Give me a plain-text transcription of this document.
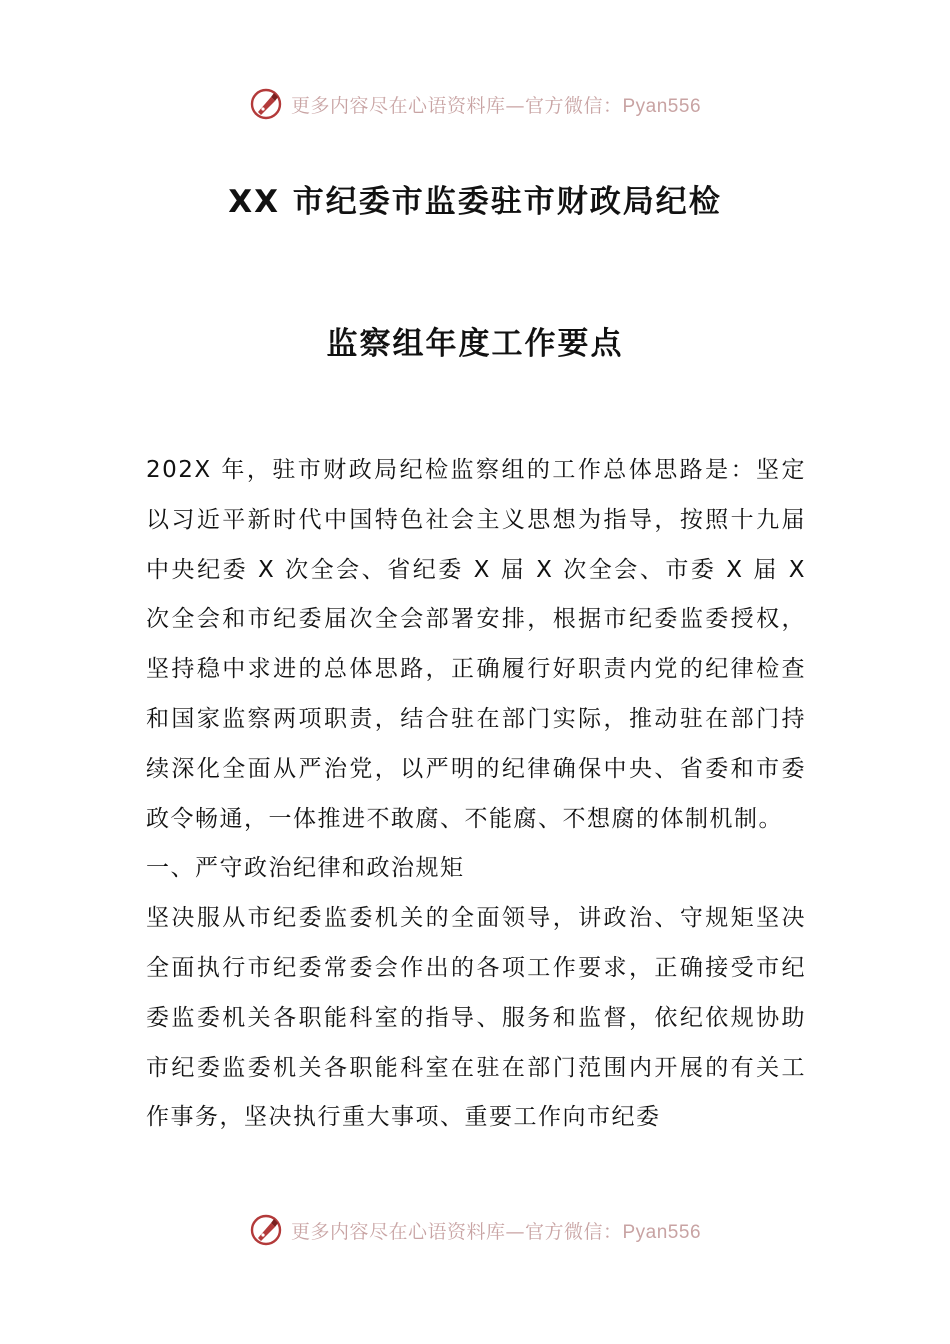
更多内容尽在心语资料库—官方微信：Pyan556
XX 市纪委市监委驻市财政局纪检
监察组年度工作要点

202X 年，驻市财政局纪检监察组的工作总体思路是：坚定以习近平新时代中国特色社会主义思想为指导，按照十九届中央纪委 X 次全会、省纪委 X 届 X 次全会、市委 X 届 X 次全会和市纪委届次全会部署安排，根据市纪委监委授权，坚持稳中求进的总体思路，正确履行好职责内党的纪律检查和国家监察两项职责，结合驻在部门实际，推动驻在部门持续深化全面从严治党，以严明的纪律确保中央、省委和市委政令畅通，一体推进不敢腐、不能腐、不想腐的体制机制。

一、严守政治纪律和政治规矩

坚决服从市纪委监委机关的全面领导，讲政治、守规矩坚决全面执行市纪委常委会作出的各项工作要求，正确接受市纪委监委机关各职能科室的指导、服务和监督，依纪依规协助市纪委监委机关各职能科室在驻在部门范围内开展的有关工作事务，坚决执行重大事项、重要工作向市纪委

更多内容尽在心语资料库—官方微信：Pyan556
